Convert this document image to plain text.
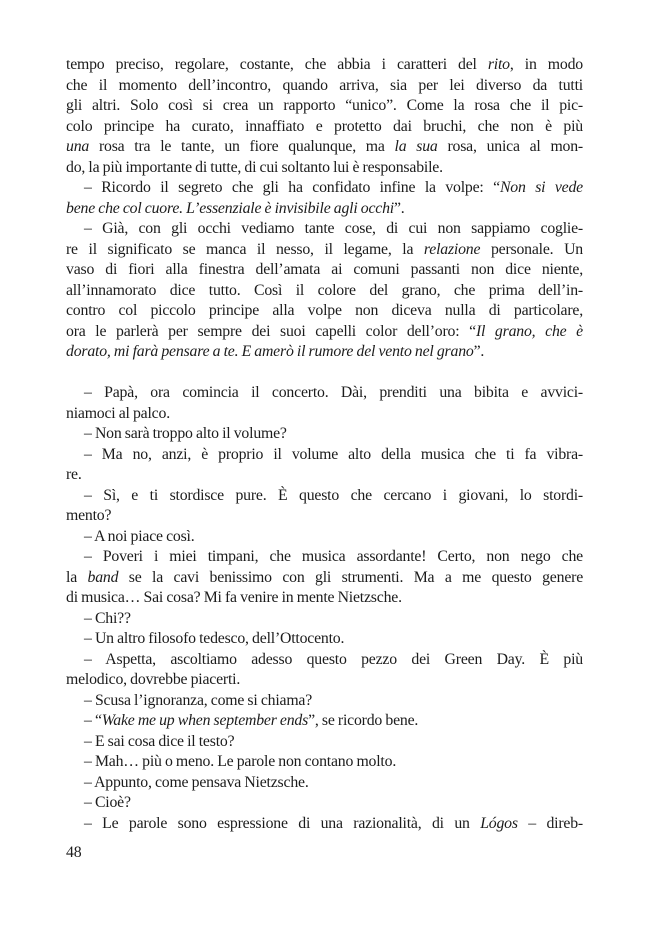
tempo preciso, regolare, costante, che abbia i caratteri del rito, in modo
che il momento dell’incontro, quando arriva, sia per lei diverso da tutti
gli altri. Solo così si crea un rapporto “unico”. Come la rosa che il pic-
colo principe ha curato, innaffiato e protetto dai bruchi, che non è più
una rosa tra le tante, un fiore qualunque, ma la sua rosa, unica al mon-
do, la più importante di tutte, di cui soltanto lui è responsabile.
– Ricordo il segreto che gli ha confidato infine la volpe: “Non si vede
bene che col cuore. L’essenziale è invisibile agli occhi”.
– Già, con gli occhi vediamo tante cose, di cui non sappiamo coglie-
re il significato se manca il nesso, il legame, la relazione personale. Un
vaso di fiori alla finestra dell’amata ai comuni passanti non dice niente,
all’innamorato dice tutto. Così il colore del grano, che prima dell’in-
contro col piccolo principe alla volpe non diceva nulla di particolare,
ora le parlerà per sempre dei suoi capelli color dell’oro: “Il grano, che è
dorato, mi farà pensare a te. E amerò il rumore del vento nel grano”.
– Papà, ora comincia il concerto. Dài, prenditi una bibita e avvici-
niamoci al palco.
– Non sarà troppo alto il volume?
– Ma no, anzi, è proprio il volume alto della musica che ti fa vibra-
re.
– Sì, e ti stordisce pure. È questo che cercano i giovani, lo stordi-
mento?
– A noi piace così.
– Poveri i miei timpani, che musica assordante! Certo, non nego che
la band se la cavi benissimo con gli strumenti. Ma a me questo genere
di musica… Sai cosa? Mi fa venire in mente Nietzsche.
– Chi??
– Un altro filosofo tedesco, dell’Ottocento.
– Aspetta, ascoltiamo adesso questo pezzo dei Green Day. È più
melodico, dovrebbe piacerti.
– Scusa l’ignoranza, come si chiama?
– “Wake me up when september ends”, se ricordo bene.
– E sai cosa dice il testo?
– Mah… più o meno. Le parole non contano molto.
– Appunto, come pensava Nietzsche.
– Cioè?
– Le parole sono espressione di una razionalità, di un Lógos – direb-
48
